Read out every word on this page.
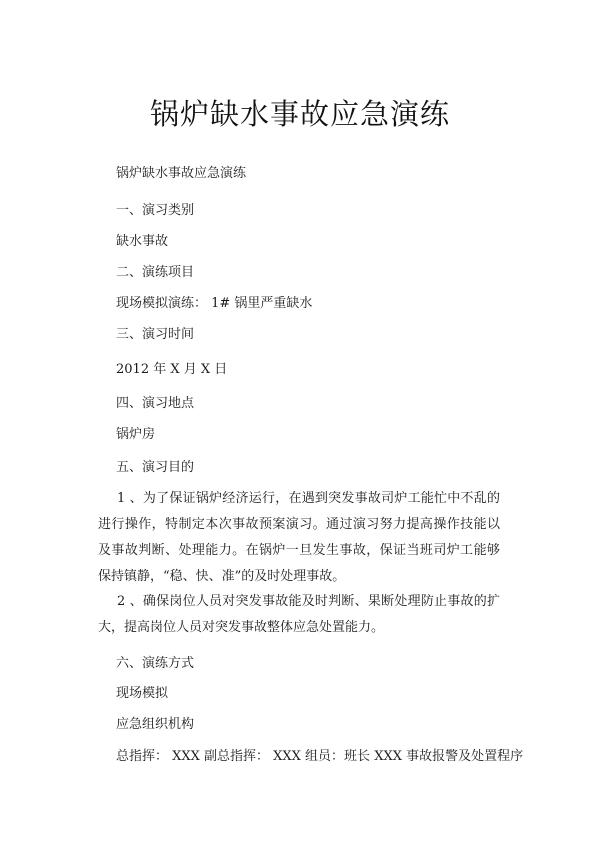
锅炉缺水事故应急演练
锅炉缺水事故应急演练
一、演习类别
缺水事故
二、演练项目
现场模拟演练： 1# 锅里严重缺水
三、演习时间
2012 年 X 月 X 日
四、演习地点
锅炉房
五、演习目的
1 、为了保证锅炉经济运行，在遇到突发事故司炉工能忙中不乱的进行操作，特制定本次事故预案演习。通过演习努力提高操作技能以及事故判断、处理能力。在锅炉一旦发生事故，保证当班司炉工能够保持镇静，“稳、快、准”的及时处理事故。
2 、确保岗位人员对突发事故能及时判断、果断处理防止事故的扩大，提高岗位人员对突发事故整体应急处置能力。
六、演练方式
现场模拟
应急组织机构
总指挥： XXX 副总指挥： XXX 组员：班长 XXX 事故报警及处置程序
